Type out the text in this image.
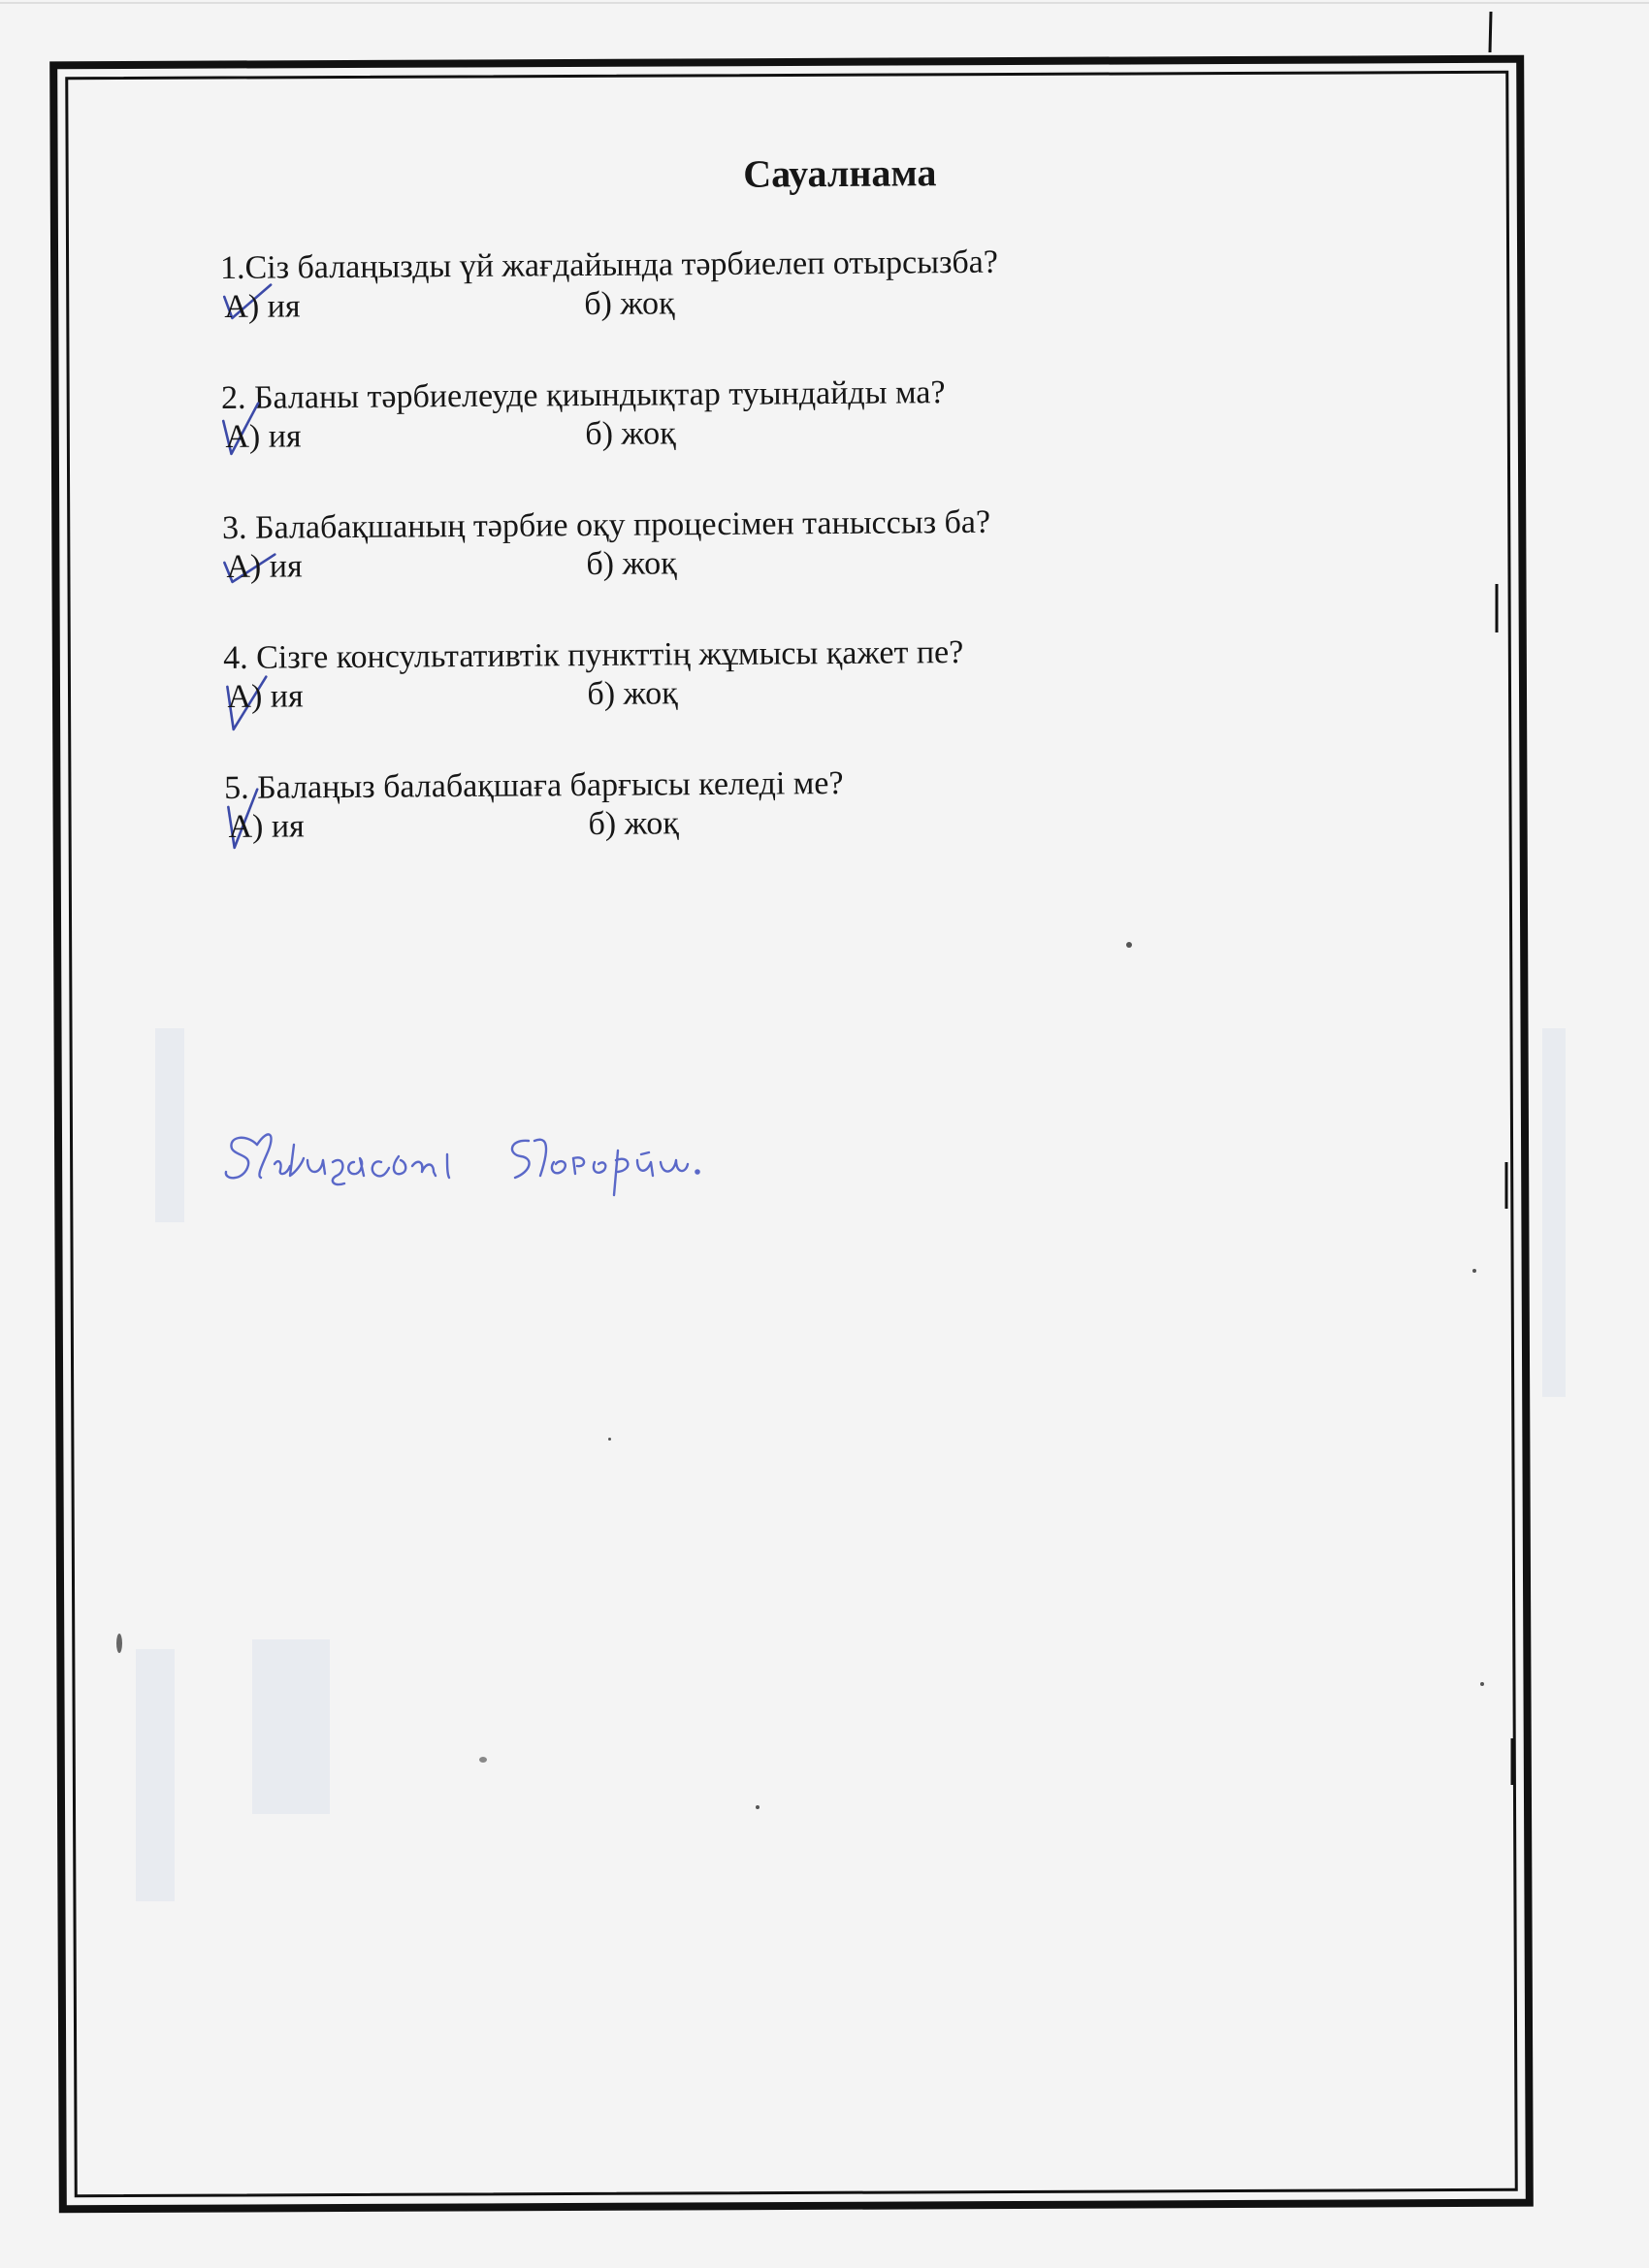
Сауалнама
1.Сіз балаңызды үй жағдайында тәрбиелеп отырсызба?
А) ия	б) жоқ
2. Баланы тәрбиелеуде қиындықтар туындайды ма?
А) ия	б) жоқ
3. Балабақшаның тәрбие оқу процесімен таныссыз ба?
А) ия	б) жоқ
4. Сізге консультативтік пункттің жұмысы қажет пе?
А) ия	б) жоқ
5. Балаңыз балабақшаға барғысы келеді ме?
А) ия	б) жоқ
